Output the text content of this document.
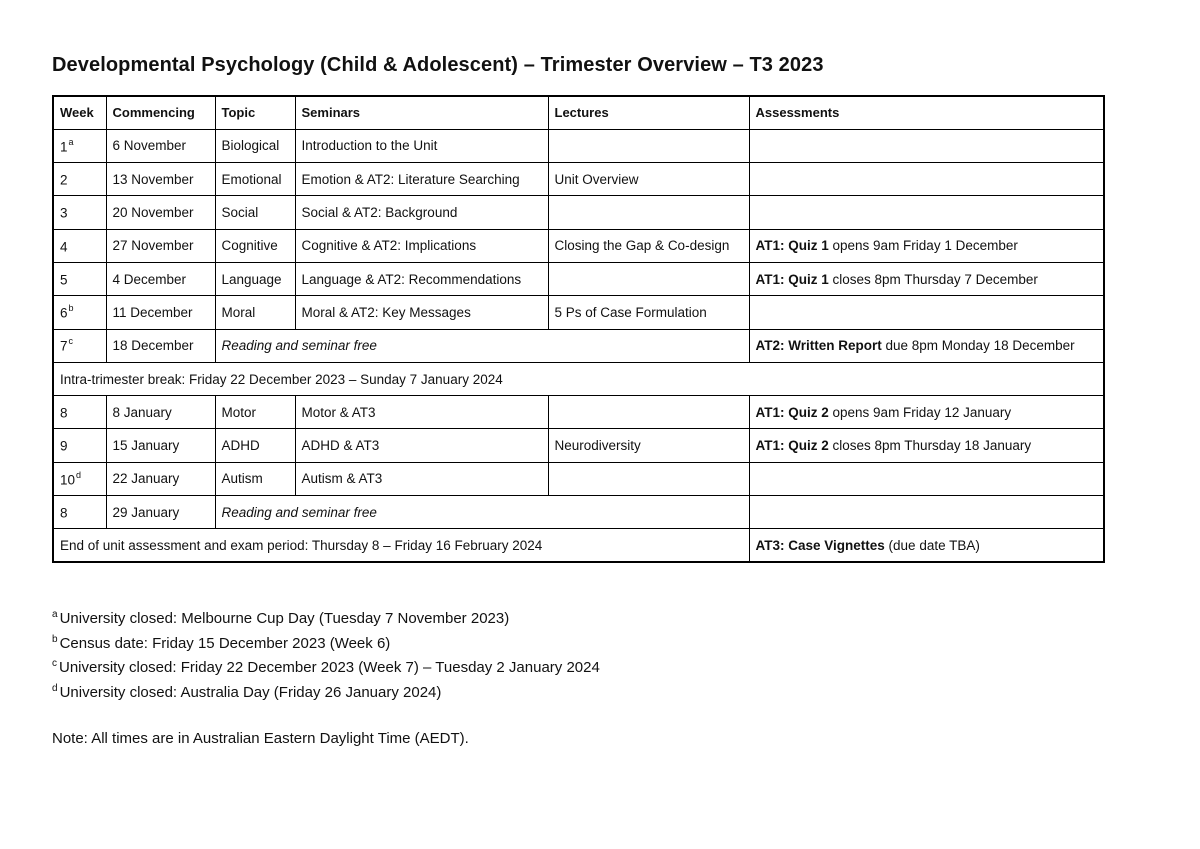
Developmental Psychology (Child & Adolescent) – Trimester Overview – T3 2023
Week	Commencing	Topic	Seminars	Lectures	Assessments
1$^a$	6 November	Biological	Introduction to the Unit		
2	13 November	Emotional	Emotion & AT2: Literature Searching	Unit Overview	
3	20 November	Social	Social & AT2: Background		
4	27 November	Cognitive	Cognitive & AT2: Implications	Closing the Gap & Co-design	AT1: Quiz 1 opens 9am Friday 1 December
5	4 December	Language	Language & AT2: Recommendations		AT1: Quiz 1 closes 8pm Thursday 7 December
6$^b$	11 December	Moral	Moral & AT2: Key Messages	5 Ps of Case Formulation	
7$^c$	18 December	Reading and seminar free			AT2: Written Report due 8pm Monday 18 December
Intra-trimester break: Friday 22 December 2023 – Sunday 7 January 2024					
8	8 January	Motor	Motor & AT3		AT1: Quiz 2 opens 9am Friday 12 January
9	15 January	ADHD	ADHD & AT3	Neurodiversity	AT1: Quiz 2 closes 8pm Thursday 18 January
10$^d$	22 January	Autism	Autism & AT3		
8	29 January	Reading and seminar free			
End of unit assessment and exam period: Thursday 8 – Friday 16 February 2024					AT3: Case Vignettes (due date TBA)
$^a$ University closed: Melbourne Cup Day (Tuesday 7 November 2023)
$^b$ Census date: Friday 15 December 2023 (Week 6)
$^c$ University closed: Friday 22 December 2023 (Week 7) – Tuesday 2 January 2024
$^d$ University closed: Australia Day (Friday 26 January 2024)
Note: All times are in Australian Eastern Daylight Time (AEDT).
